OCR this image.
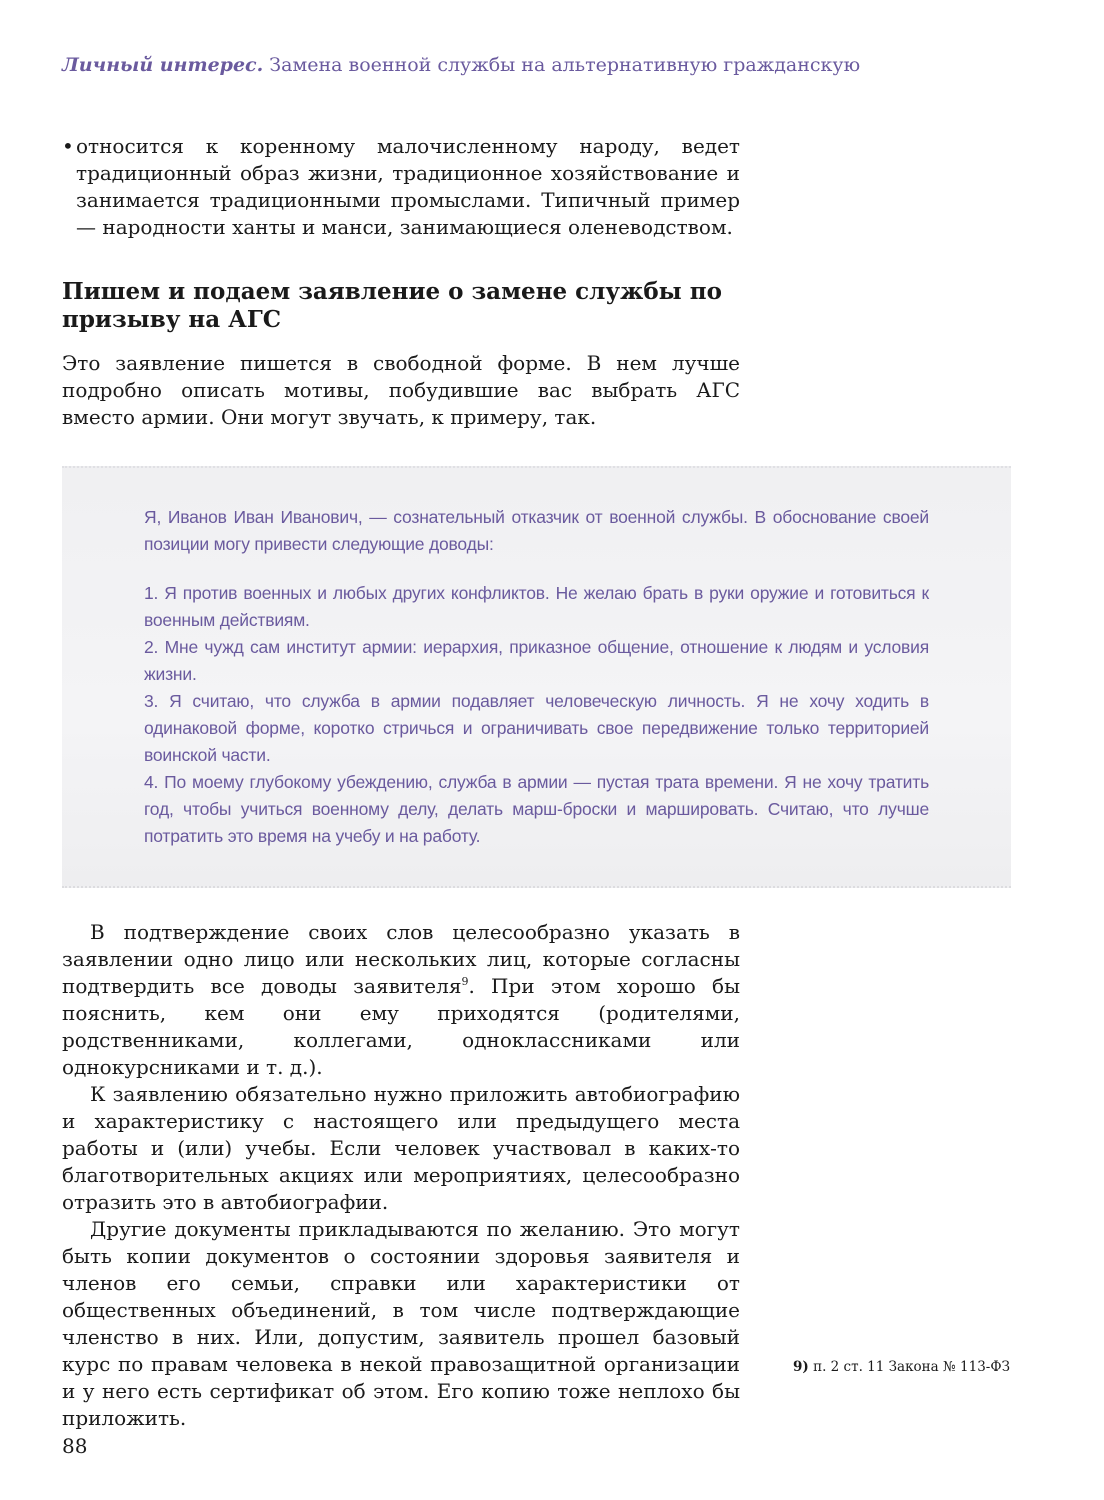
Личный интерес. Замена военной службы на альтернативную гражданскую
• относится к коренному малочисленному народу, ведет традиционный образ жизни, традиционное хозяйствование и занимается традиционными промыслами. Типичный пример — народности ханты и манси, занимающиеся оленеводством.
Пишем и подаем заявление о замене службы по призыву на АГС
Это заявление пишется в свободной форме. В нем лучше подробно описать мотивы, побудившие вас выбрать АГС вместо армии. Они могут звучать, к примеру, так.

Я, Иванов Иван Иванович, — сознательный отказчик от военной службы. В обоснование своей позиции могу привести следующие доводы:

1. Я против военных и любых других конфликтов. Не желаю брать в руки оружие и готовиться к военным действиям.

2. Мне чужд сам институт армии: иерархия, приказное общение, отношение к людям и условия жизни.

3. Я считаю, что служба в армии подавляет человеческую личность. Я не хочу ходить в одинаковой форме, коротко стричься и ограничивать свое передвижение только территорией воинской части.

4. По моему глубокому убеждению, служба в армии — пустая трата времени. Я не хочу тратить год, чтобы учиться военному делу, делать марш-броски и маршировать. Считаю, что лучше потратить это время на учебу и на работу.

В подтверждение своих слов целесообразно указать в заявлении одно лицо или нескольких лиц, которые согласны подтвердить все доводы заявителя$^9$. При этом хорошо бы пояснить, кем они ему приходятся (родителями, родственниками, коллегами, одноклассниками или однокурсниками и т. д.).

К заявлению обязательно нужно приложить автобиографию и характеристику с настоящего или предыдущего места работы и (или) учебы. Если человек участвовал в каких-то благотворительных акциях или мероприятиях, целесообразно отразить это в автобиографии.

Другие документы прикладываются по желанию. Это могут быть копии документов о состоянии здоровья заявителя и членов его семьи, справки или характеристики от общественных объединений, в том числе подтверждающие членство в них. Или, допустим, заявитель прошел базовый курс по правам человека в некой правозащитной организации и у него есть сертификат об этом. Его копию тоже неплохо бы приложить.

9) п. 2 ст. 11 Закона № 113-ФЗ
88
